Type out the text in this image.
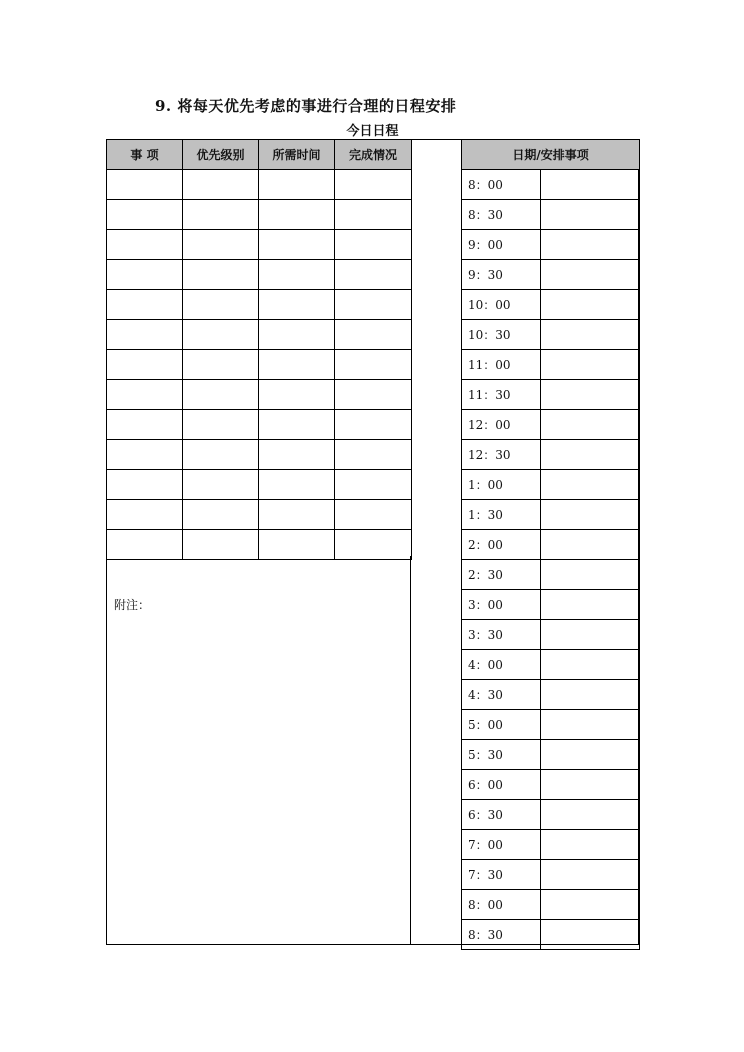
9. 将每天优先考虑的事进行合理的日程安排
今日日程
事 项	优先级别	所需时间	完成情况

附注：
日期/安排事项	
8：00	
8：30	
9：00	
9：30	
10：00	
10：30	
11：00	
11：30	
12：00	
12：30	
1：00	
1：30	
2：00	
2：30	
3：00	
3：30	
4：00	
4：30	
5：00	
5：30	
6：00	
6：30	
7：00	
7：30	
8：00	
8：30	
